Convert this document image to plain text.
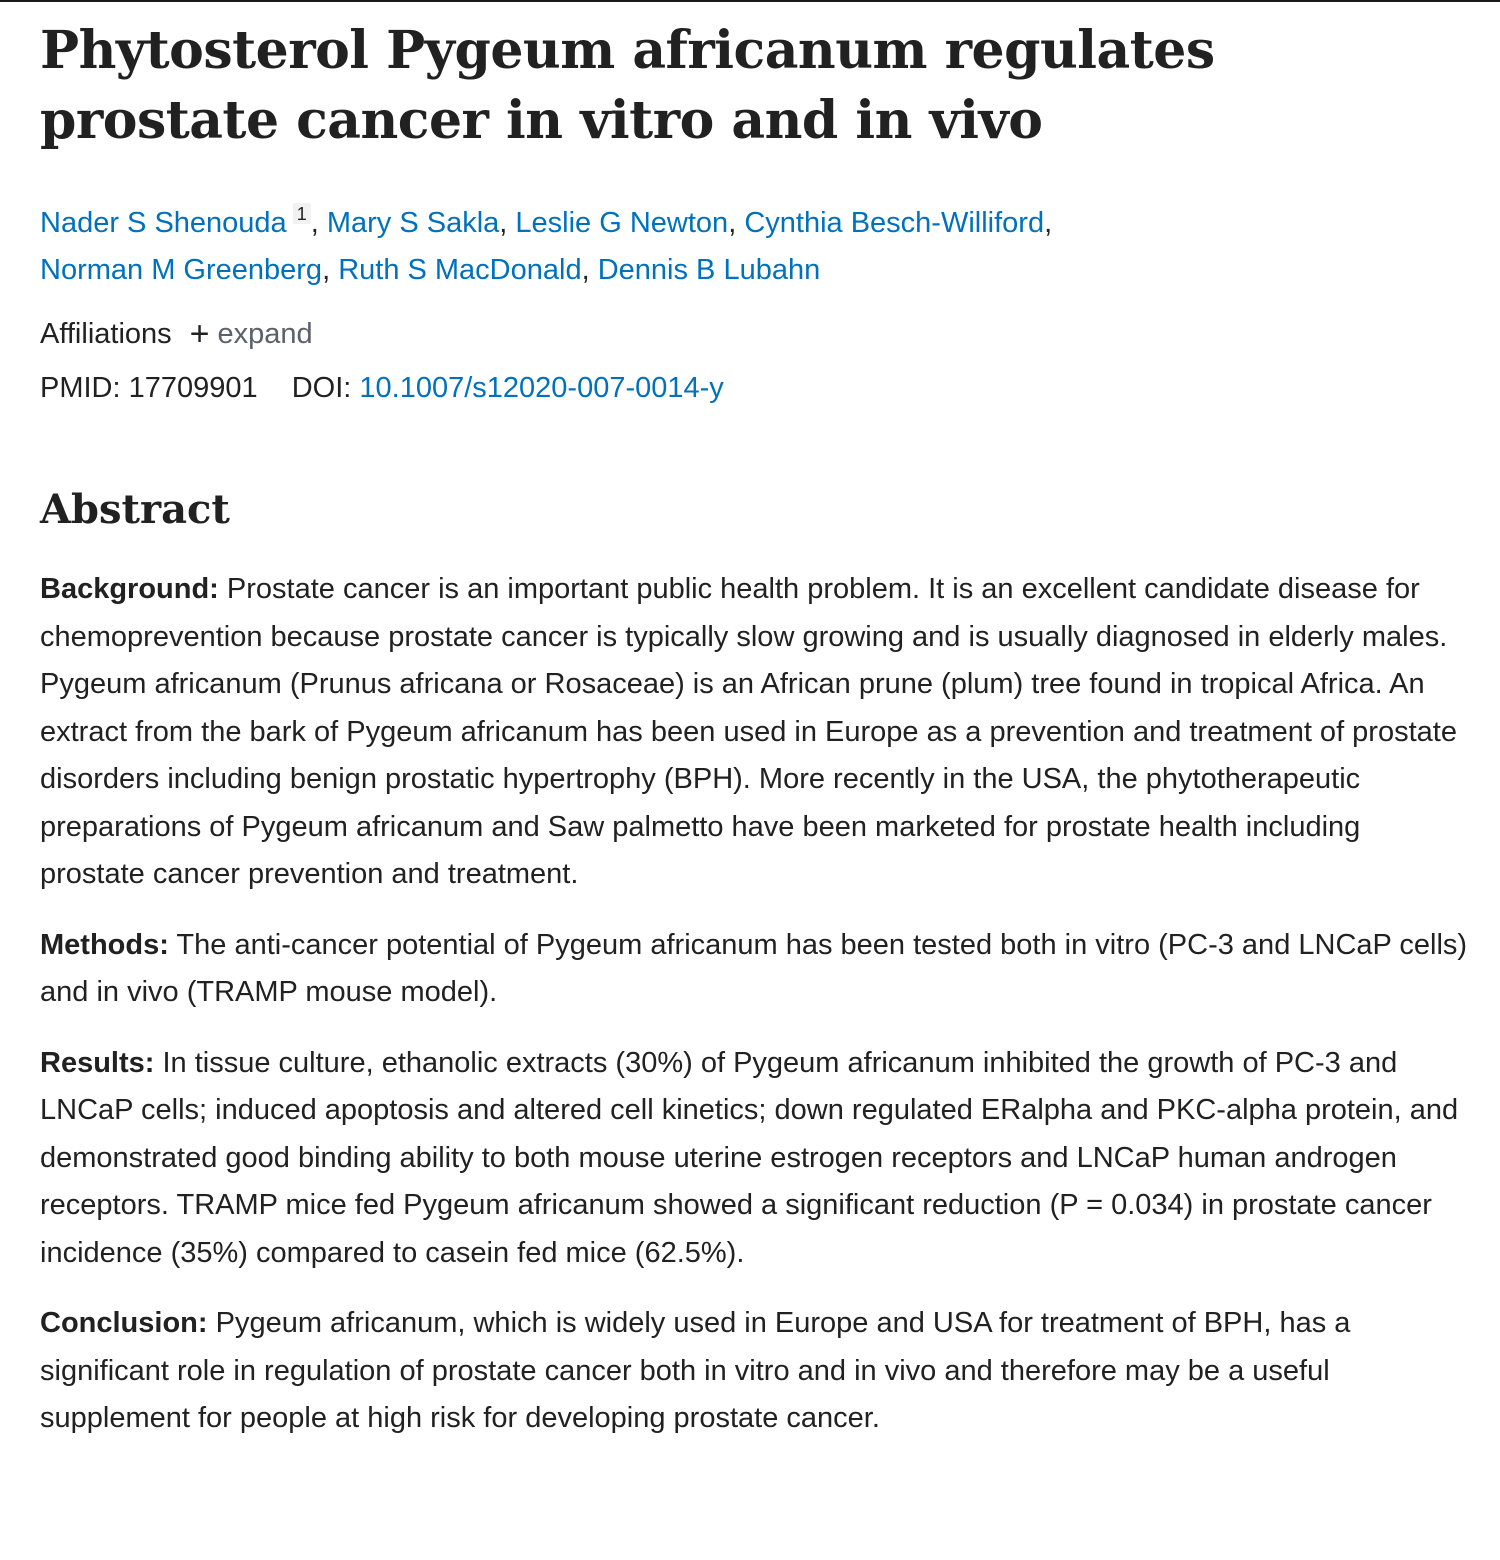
Phytosterol Pygeum africanum regulates prostate cancer in vitro and in vivo
Nader S Shenouda 1 , Mary S Sakla, Leslie G Newton, Cynthia Besch-Williford,
Norman M Greenberg, Ruth S MacDonald, Dennis B Lubahn
Affiliations + expand
PMID: 17709901 DOI: 10.1007/s12020-007-0014-y
Abstract

Background: Prostate cancer is an important public health problem. It is an excellent candidate disease for chemoprevention because prostate cancer is typically slow growing and is usually diagnosed in elderly males. Pygeum africanum (Prunus africana or Rosaceae) is an African prune (plum) tree found in tropical Africa. An extract from the bark of Pygeum africanum has been used in Europe as a prevention and treatment of prostate disorders including benign prostatic hypertrophy (BPH). More recently in the USA, the phytotherapeutic preparations of Pygeum africanum and Saw palmetto have been marketed for prostate health including prostate cancer prevention and treatment.

Methods: The anti-cancer potential of Pygeum africanum has been tested both in vitro (PC-3 and LNCaP cells) and in vivo (TRAMP mouse model).

Results: In tissue culture, ethanolic extracts (30%) of Pygeum africanum inhibited the growth of PC-3 and LNCaP cells; induced apoptosis and altered cell kinetics; down regulated ERalpha and PKC-alpha protein, and demonstrated good binding ability to both mouse uterine estrogen receptors and LNCaP human androgen receptors. TRAMP mice fed Pygeum africanum showed a significant reduction (P = 0.034) in prostate cancer incidence (35%) compared to casein fed mice (62.5%).

Conclusion: Pygeum africanum, which is widely used in Europe and USA for treatment of BPH, has a significant role in regulation of prostate cancer both in vitro and in vivo and therefore may be a useful supplement for people at high risk for developing prostate cancer.
